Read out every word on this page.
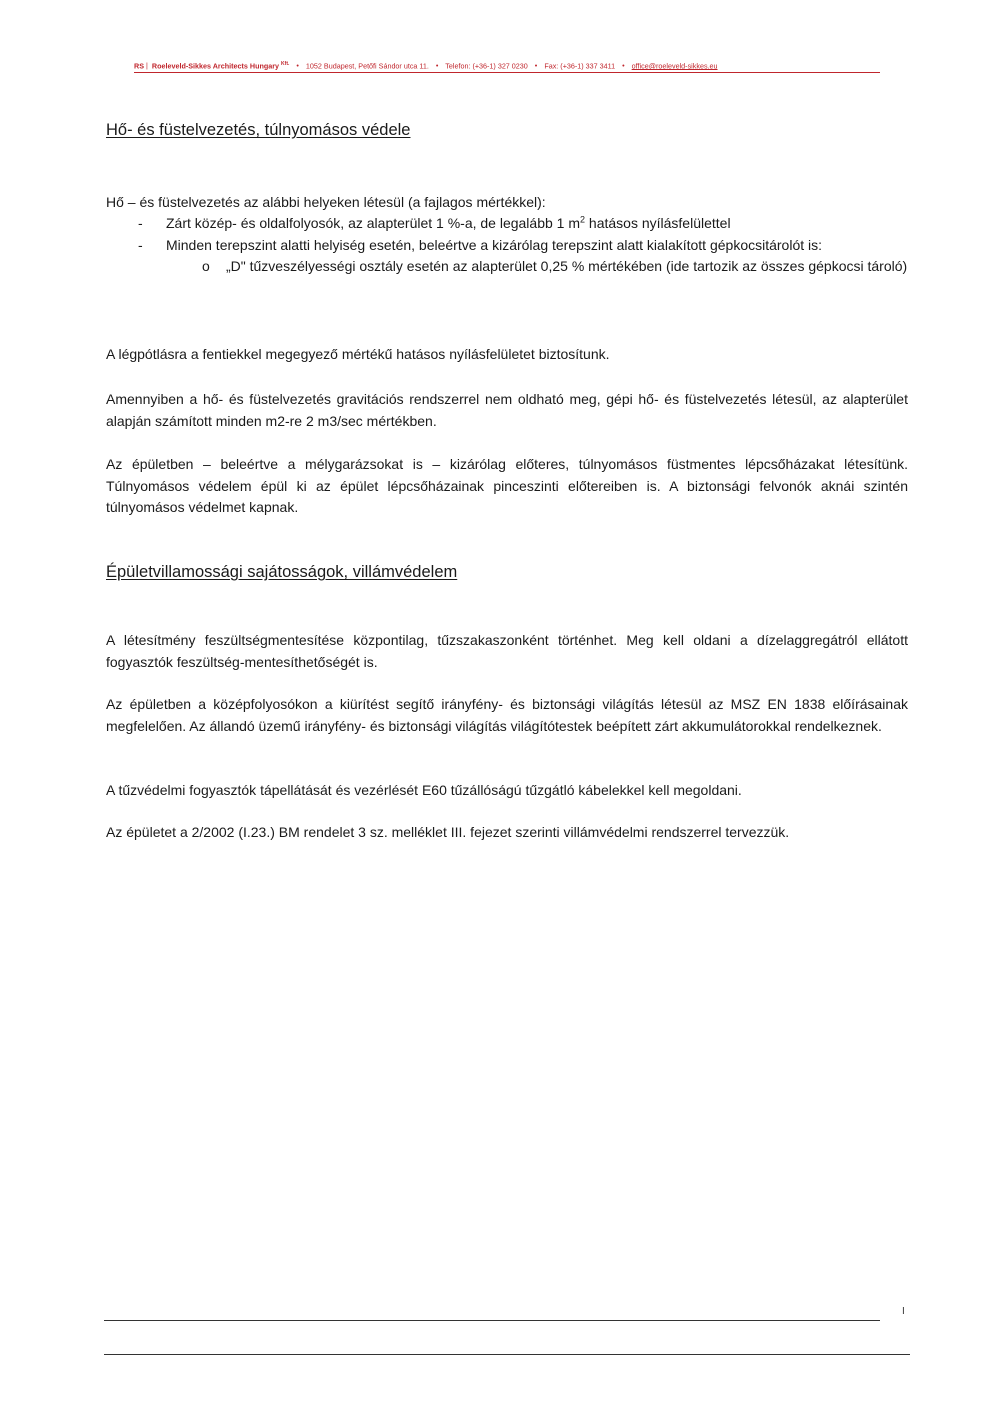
RS | Roeleveld-Sikkes Architects Hungary $^{Kft.}$ • 1052 Budapest, Petőfi Sándor utca 11. • Telefon: (+36-1) 327 0230 • Fax: (+36-1) 337 3411 • office@roeleveld-sikkes.eu
Hő- és füstelvezetés, túlnyomásos védele

Hő – és füstelvezetés az alábbi helyeken létesül (a fajlagos mértékkel):

- Zárt közép- és oldalfolyosók, az alapterület 1 %-a, de legalább 1 $m^2$ hatásos nyílásfelülettel
- Minden terepszint alatti helyiség esetén, beleértve a kizárólag terepszint alatt kialakított gépkocsitárolót is:
o	„D" tűzveszélyességi osztály esetén az alapterület 0,25 % mértékében (ide tartozik az összes gépkocsi tároló)

A légpótlásra a fentiekkel megegyező mértékű hatásos nyílásfelületet biztosítunk.

Amennyiben a hő- és füstelvezetés gravitációs rendszerrel nem oldható meg, gépi hő- és füstelvezetés létesül, az alapterület alapján számított minden m2-re 2 m3/sec mértékben.

Az épületben – beleértve a mélygarázsokat is – kizárólag előteres, túlnyomásos füstmentes lépcsőházakat létesítünk. Túlnyomásos védelem épül ki az épület lépcsőházainak pinceszinti előtereiben is. A biztonsági felvonók aknái szintén túlnyomásos védelmet kapnak.

Épületvillamossági sajátosságok, villámvédelem

A létesítmény feszültségmentesítése központilag, tűzszakaszonként történhet. Meg kell oldani a dízelaggregátról ellátott fogyasztók feszültség-mentesíthetőségét is.

Az épületben a középfolyosókon a kiürítést segítő irányfény- és biztonsági világítás létesül az MSZ EN 1838 előírásainak megfelelően. Az állandó üzemű irányfény- és biztonsági világítás világítótestek beépített zárt akkumulátorokkal rendelkeznek.

A tűzvédelmi fogyasztók tápellátását és vezérlését E60 tűzállóságú tűzgátló kábelekkel kell megoldani.

Az épületet a 2/2002 (I.23.) BM rendelet 3 sz. melléklet III. fejezet szerinti villámvédelmi rendszerrel tervezzük.

I
